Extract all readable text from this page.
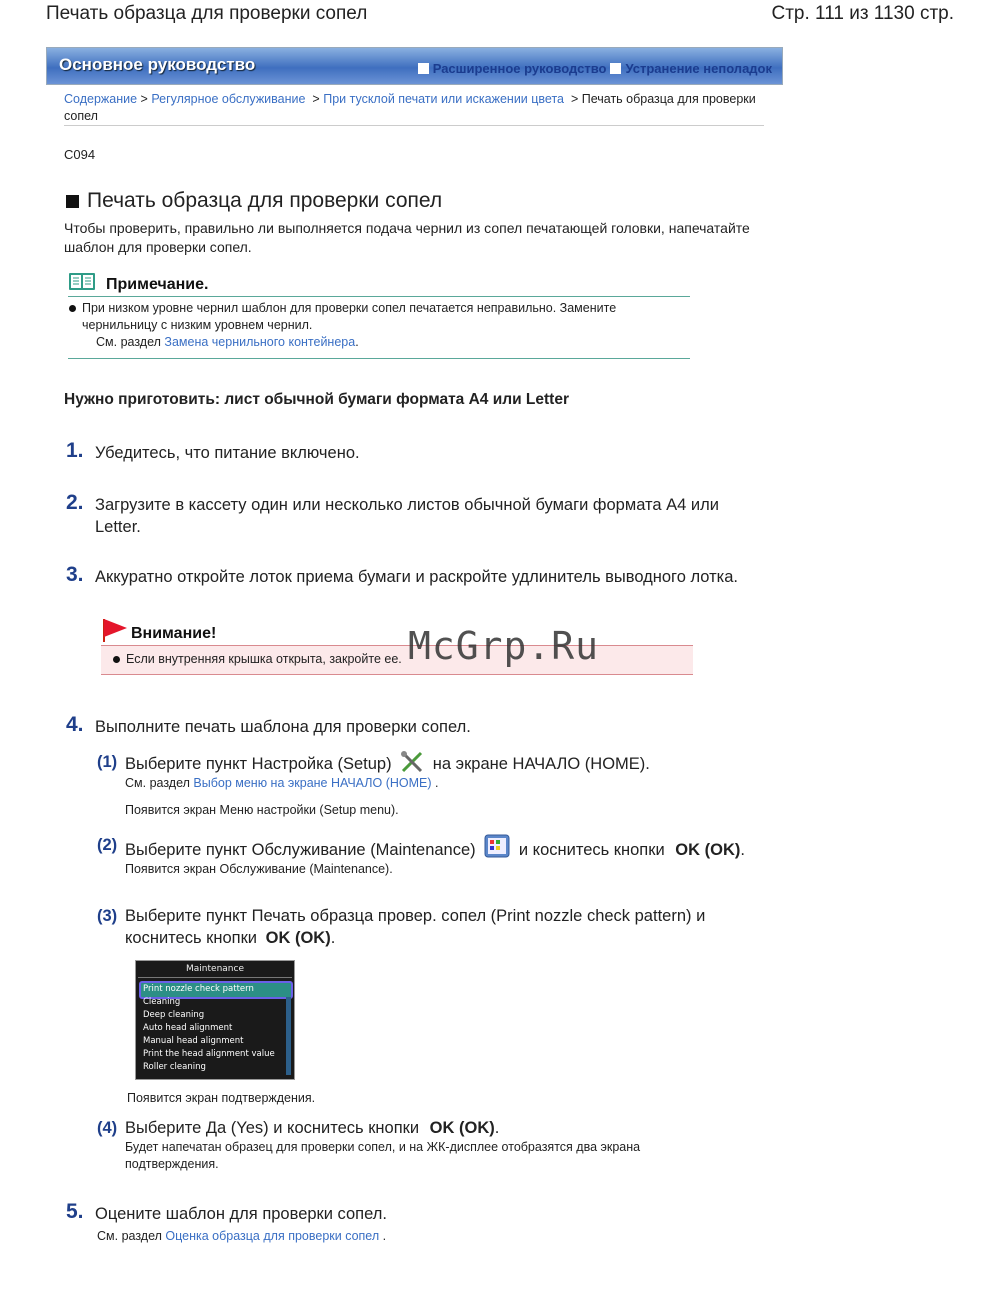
Печать образца для проверки сопел	Стр. 111 из 1130 стр.
Основное руководство	Расширенное руководство Устранение неполадок
Содержание > Регулярное обслуживание > При тусклой печати или искажении цвета > Печать образца для проверки сопел
C094
Печать образца для проверки сопел
Чтобы проверить, правильно ли выполняется подача чернил из сопел печатающей головки, напечатайте шаблон для проверки сопел.
Примечание.
При низком уровне чернил шаблон для проверки сопел печатается неправильно. Замените чернильницу с низким уровнем чернил.
См. раздел Замена чернильного контейнера.
Нужно приготовить: лист обычной бумаги формата А4 или Letter
1. Убедитесь, что питание включено.
2. Загрузите в кассету один или несколько листов обычной бумаги формата A4 или Letter.
3. Аккуратно откройте лоток приема бумаги и раскройте удлинитель выводного лотка.
Внимание!
Если внутренняя крышка открыта, закройте ее. McGrp.Ru
4. Выполните печать шаблона для проверки сопел.
(1) Выберите пункт Настройка (Setup) на экране НАЧАЛО (HOME).
См. раздел Выбор меню на экране НАЧАЛО (HOME) .
Появится экран Меню настройки (Setup menu).
(2) Выберите пункт Обслуживание (Maintenance)	и коснитесь кнопки OK (OK).
Появится экран Обслуживание (Maintenance).
(3) Выберите пункт Печать образца провер. сопел (Print nozzle check pattern) и коснитесь кнопки OK (OK).
Maintenance
Print nozzle check pattern
Cleaning
Deep cleaning
Auto head alignment
Manual head alignment
Print the head alignment value
Roller cleaning
Появится экран подтверждения.
(4) Выберите Да (Yes) и коснитесь кнопки OK (OK).
Будет напечатан образец для проверки сопел, и на ЖК-дисплее отобразятся два экрана подтверждения.
5. Оцените шаблон для проверки сопел.
См. раздел Оценка образца для проверки сопел .
